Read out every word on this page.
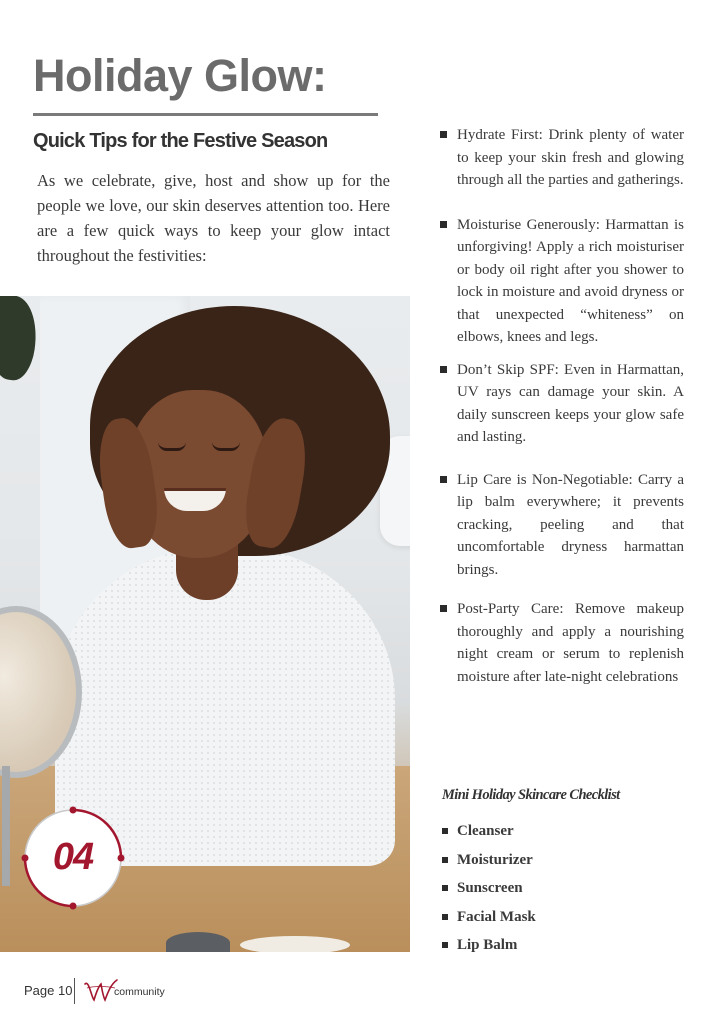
Holiday Glow:
Quick Tips for the Festive Season

As we celebrate, give, host and show up for the people we love, our skin deserves attention too. Here are a few quick ways to keep your glow intact throughout the festivities:

04
Hydrate First: Drink plenty of water to keep your skin fresh and glowing through all the parties and gatherings.
Moisturise Generously: Harmattan is unforgiving! Apply a rich moisturiser or body oil right after you shower to lock in moisture and avoid dryness or that unexpected “whiteness” on elbows, knees and legs.
Don’t Skip SPF: Even in Harmattan, UV rays can damage your skin. A daily sunscreen keeps your glow safe and lasting.
Lip Care is Non-Negotiable: Carry a lip balm everywhere; it prevents cracking, peeling and that uncomfortable dryness harmattan brings.
Post-Party Care: Remove makeup thoroughly and apply a nourishing night cream or serum to replenish moisture after late-night celebrations
Mini Holiday Skincare Checklist
Cleanser
Moisturizer
Sunscreen
Facial Mask
Lip Balm
Page 10	community
